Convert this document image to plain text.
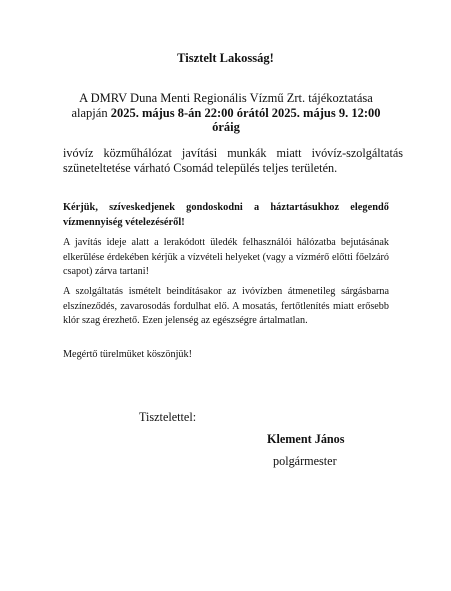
Tisztelt Lakosság!
A DMRV Duna Menti Regionális Vízmű Zrt. tájékoztatása alapján 2025. május 8-án 22:00 órától 2025. május 9. 12:00 óráig
ivóvíz közműhálózat javítási munkák miatt ivóvíz-szolgáltatás szüneteltetése várható Csomád település teljes területén.
Kérjük, szíveskedjenek gondoskodni a háztartásukhoz elegendő vízmennyiség vételezéséről!
A javítás ideje alatt a lerakódott üledék felhasználói hálózatba bejutásának elkerülése érdekében kérjük a vízvételi helyeket (vagy a vízmérő előtti főelzáró csapot) zárva tartani!
A szolgáltatás ismételt beindításakor az ivóvízben átmenetileg sárgásbarna elszíneződés, zavarosodás fordulhat elő. A mosatás, fertőtlenítés miatt erősebb klór szag érezhető. Ezen jelenség az egészségre ártalmatlan.
Megértő türelmüket köszönjük!
Tisztelettel:
Klement János
polgármester
